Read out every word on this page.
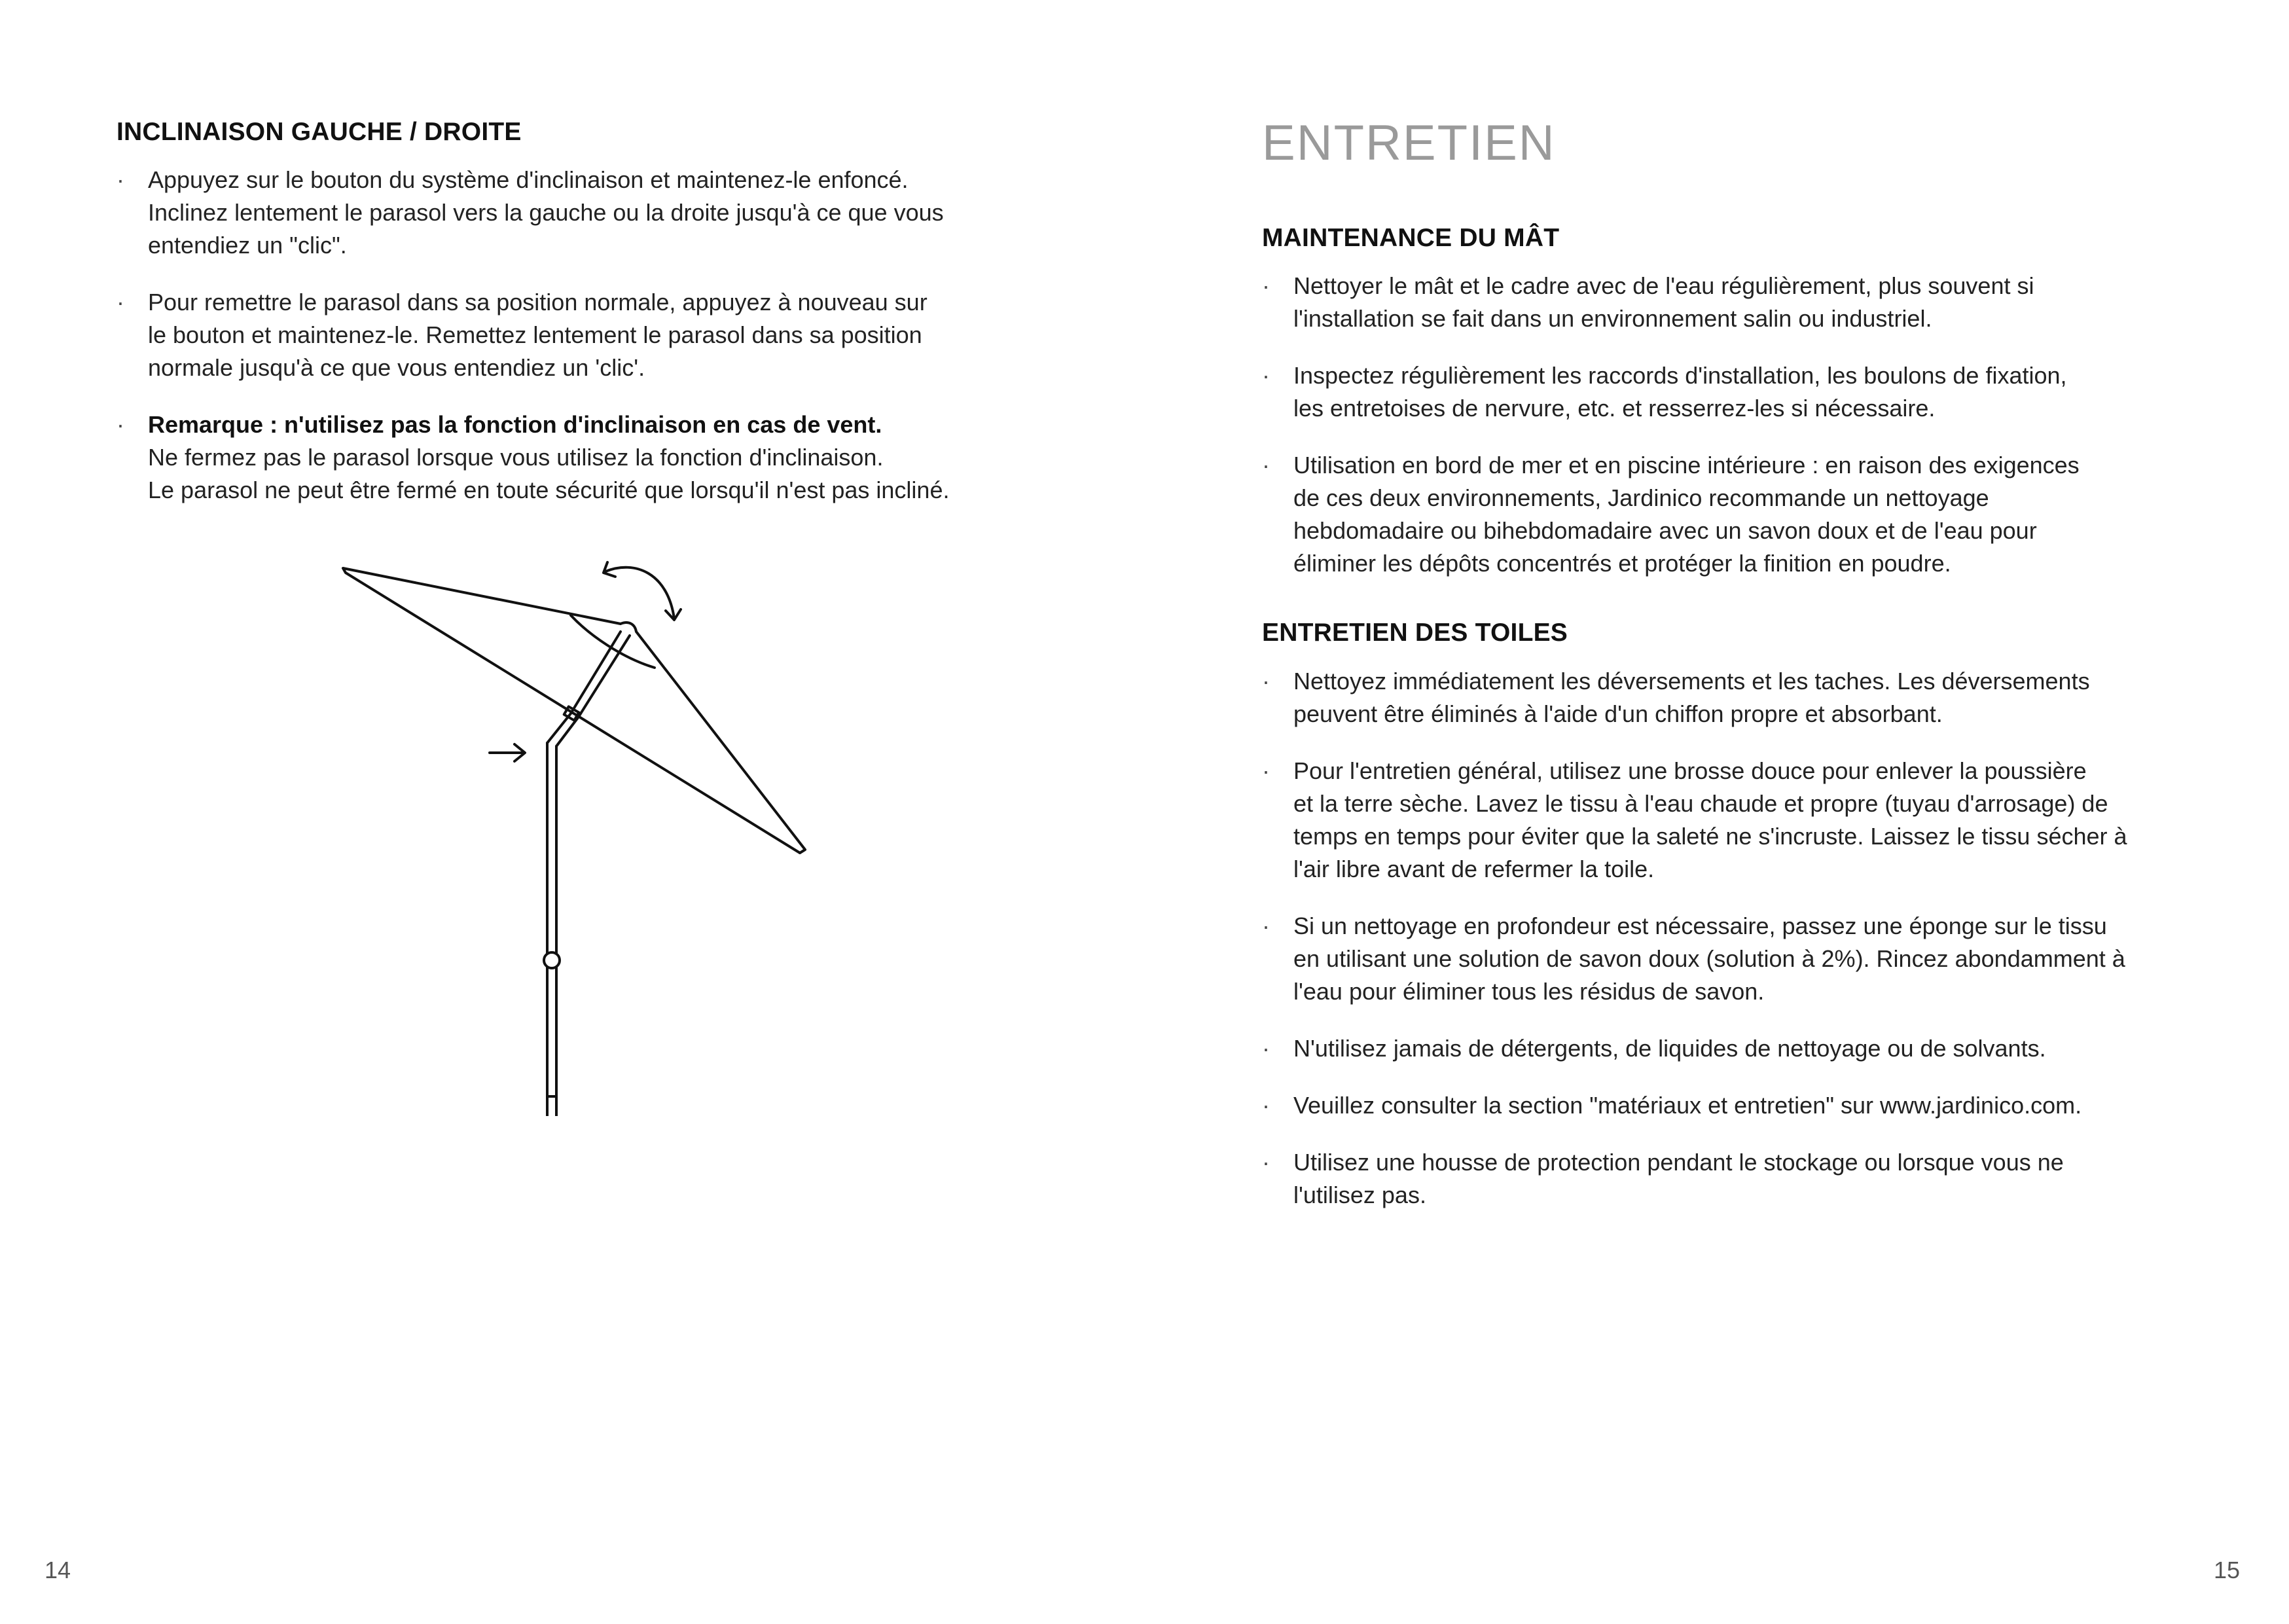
INCLINAISON GAUCHE / DROITE
· Appuyez sur le bouton du système d'inclinaison et maintenez-le enfoncé.
Inclinez lentement le parasol vers la gauche ou la droite jusqu'à ce que vous
entendiez un "clic".
· Pour remettre le parasol dans sa position normale, appuyez à nouveau sur
le bouton et maintenez-le. Remettez lentement le parasol dans sa position
normale jusqu'à ce que vous entendiez un 'clic'.
· Remarque : n'utilisez pas la fonction d'inclinaison en cas de vent.
Ne fermez pas le parasol lorsque vous utilisez la fonction d'inclinaison.
Le parasol ne peut être fermé en toute sécurité que lorsqu'il n'est pas incliné.
14
ENTRETIEN
MAINTENANCE DU MÂT
· Nettoyer le mât et le cadre avec de l'eau régulièrement, plus souvent si
l'installation se fait dans un environnement salin ou industriel.
· Inspectez régulièrement les raccords d'installation, les boulons de fixation,
les entretoises de nervure, etc. et resserrez-les si nécessaire.
· Utilisation en bord de mer et en piscine intérieure : en raison des exigences
de ces deux environnements, Jardinico recommande un nettoyage
hebdomadaire ou bihebdomadaire avec un savon doux et de l'eau pour
éliminer les dépôts concentrés et protéger la finition en poudre.
ENTRETIEN DES TOILES
· Nettoyez immédiatement les déversements et les taches. Les déversements
peuvent être éliminés à l'aide d'un chiffon propre et absorbant.
· Pour l'entretien général, utilisez une brosse douce pour enlever la poussière
et la terre sèche. Lavez le tissu à l'eau chaude et propre (tuyau d'arrosage) de
temps en temps pour éviter que la saleté ne s'incruste. Laissez le tissu sécher à
l'air libre avant de refermer la toile.
· Si un nettoyage en profondeur est nécessaire, passez une éponge sur le tissu
en utilisant une solution de savon doux (solution à 2%). Rincez abondamment à
l'eau pour éliminer tous les résidus de savon.
· N'utilisez jamais de détergents, de liquides de nettoyage ou de solvants.
· Veuillez consulter la section "matériaux et entretien" sur www.jardinico.com.
· Utilisez une housse de protection pendant le stockage ou lorsque vous ne
l'utilisez pas.
15
